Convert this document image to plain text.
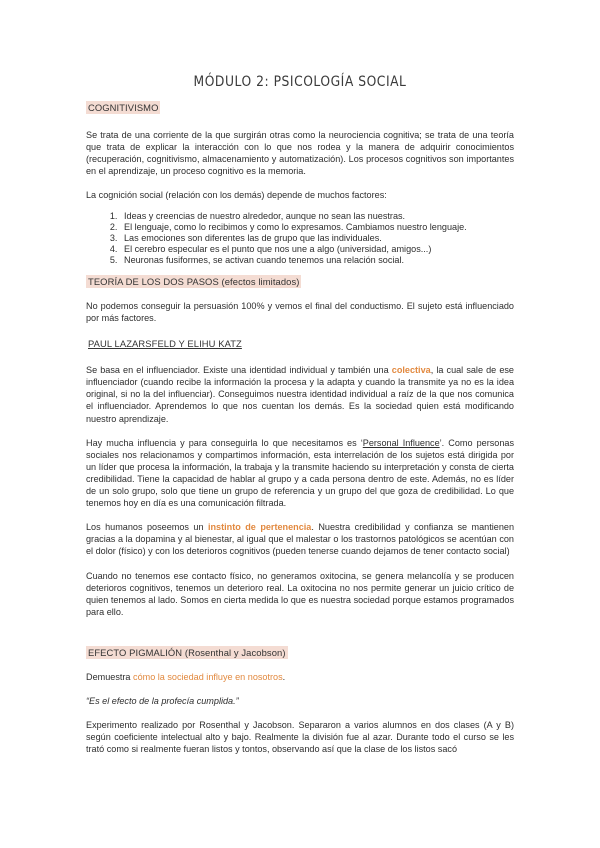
MÓDULO 2: PSICOLOGÍA SOCIAL
COGNITIVISMO

Se trata de una corriente de la que surgirán otras como la neurociencia cognitiva; se trata de una teoría que trata de explicar la interacción con lo que nos rodea y la manera de adquirir conocimientos (recuperación, cognitivismo, almacenamiento y automatización). Los procesos cognitivos son importantes en el aprendizaje, un proceso cognitivo es la memoria.

La cognición social (relación con los demás) depende de muchos factores:

1. Ideas y creencias de nuestro alrededor, aunque no sean las nuestras.
2. El lenguaje, como lo recibimos y como lo expresamos. Cambiamos nuestro lenguaje.
3. Las emociones son diferentes las de grupo que las individuales.
4. El cerebro especular es el punto que nos une a algo (universidad, amigos...)
5. Neuronas fusiformes, se activan cuando tenemos una relación social.
TEORÍA DE LOS DOS PASOS (efectos limitados)

No podemos conseguir la persuasión 100% y vemos el final del conductismo. El sujeto está influenciado por más factores.

PAUL LAZARSFELD Y ELIHU KATZ

Se basa en el influenciador. Existe una identidad individual y también una colectiva, la cual sale de ese influenciador (cuando recibe la información la procesa y la adapta y cuando la transmite ya no es la idea original, si no la del influenciar). Conseguimos nuestra identidad individual a raíz de la que nos comunica el influenciador. Aprendemos lo que nos cuentan los demás. Es la sociedad quien está modificando nuestro aprendizaje.

Hay mucha influencia y para conseguirla lo que necesitamos es ‘Personal Influence’. Como personas sociales nos relacionamos y compartimos información, esta interrelación de los sujetos está dirigida por un líder que procesa la información, la trabaja y la transmite haciendo su interpretación y consta de cierta credibilidad. Tiene la capacidad de hablar al grupo y a cada persona dentro de este. Además, no es líder de un solo grupo, solo que tiene un grupo de referencia y un grupo del que goza de credibilidad. Lo que tenemos hoy en día es una comunicación filtrada.

Los humanos poseemos un instinto de pertenencia. Nuestra credibilidad y confianza se mantienen gracias a la dopamina y al bienestar, al igual que el malestar o los trastornos patológicos se acentúan con el dolor (físico) y con los deterioros cognitivos (pueden tenerse cuando dejamos de tener contacto social)

Cuando no tenemos ese contacto físico, no generamos oxitocina, se genera melancolía y se producen deterioros cognitivos, tenemos un deterioro real. La oxitocina no nos permite generar un juicio crítico de quien tenemos al lado. Somos en cierta medida lo que es nuestra sociedad porque estamos programados para ello.

EFECTO PIGMALIÓN (Rosenthal y Jacobson)

Demuestra cómo la sociedad influye en nosotros.

“Es el efecto de la profecía cumplida.”

Experimento realizado por Rosenthal y Jacobson. Separaron a varios alumnos en dos clases (A y B) según coeficiente intelectual alto y bajo. Realmente la división fue al azar. Durante todo el curso se les trató como si realmente fueran listos y tontos, observando así que la clase de los listos sacó
